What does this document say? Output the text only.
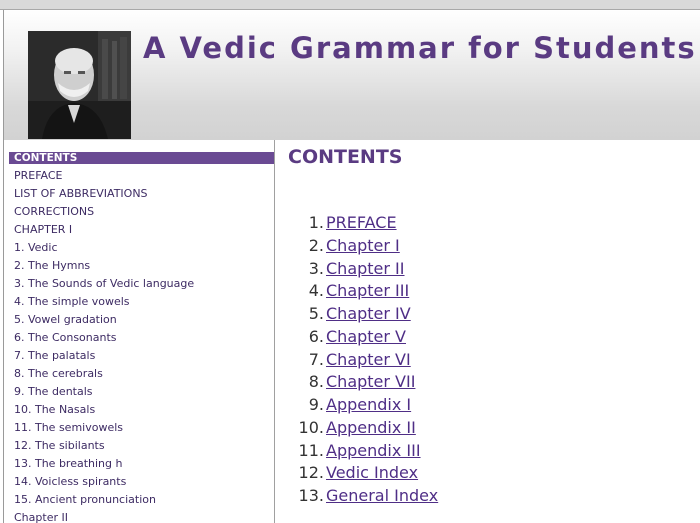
A Vedic Grammar for Students
CONTENTS
PREFACE
LIST OF ABBREVIATIONS
CORRECTIONS
CHAPTER I
1. Vedic
2. The Hymns
3. The Sounds of Vedic language
4. The simple vowels
5. Vowel gradation
6. The Consonants
7. The palatals
8. The cerebrals
9. The dentals
10. The Nasals
11. The semivowels
12. The sibilants
13. The breathing h
14. Voicless spirants
15. Ancient pronunciation
Chapter II
CONTENTS
1. PREFACE
2. Chapter I
3. Chapter II
4. Chapter III
5. Chapter IV
6. Chapter V
7. Chapter VI
8. Chapter VII
9. Appendix I
10. Appendix II
11. Appendix III
12. Vedic Index
13. General Index
